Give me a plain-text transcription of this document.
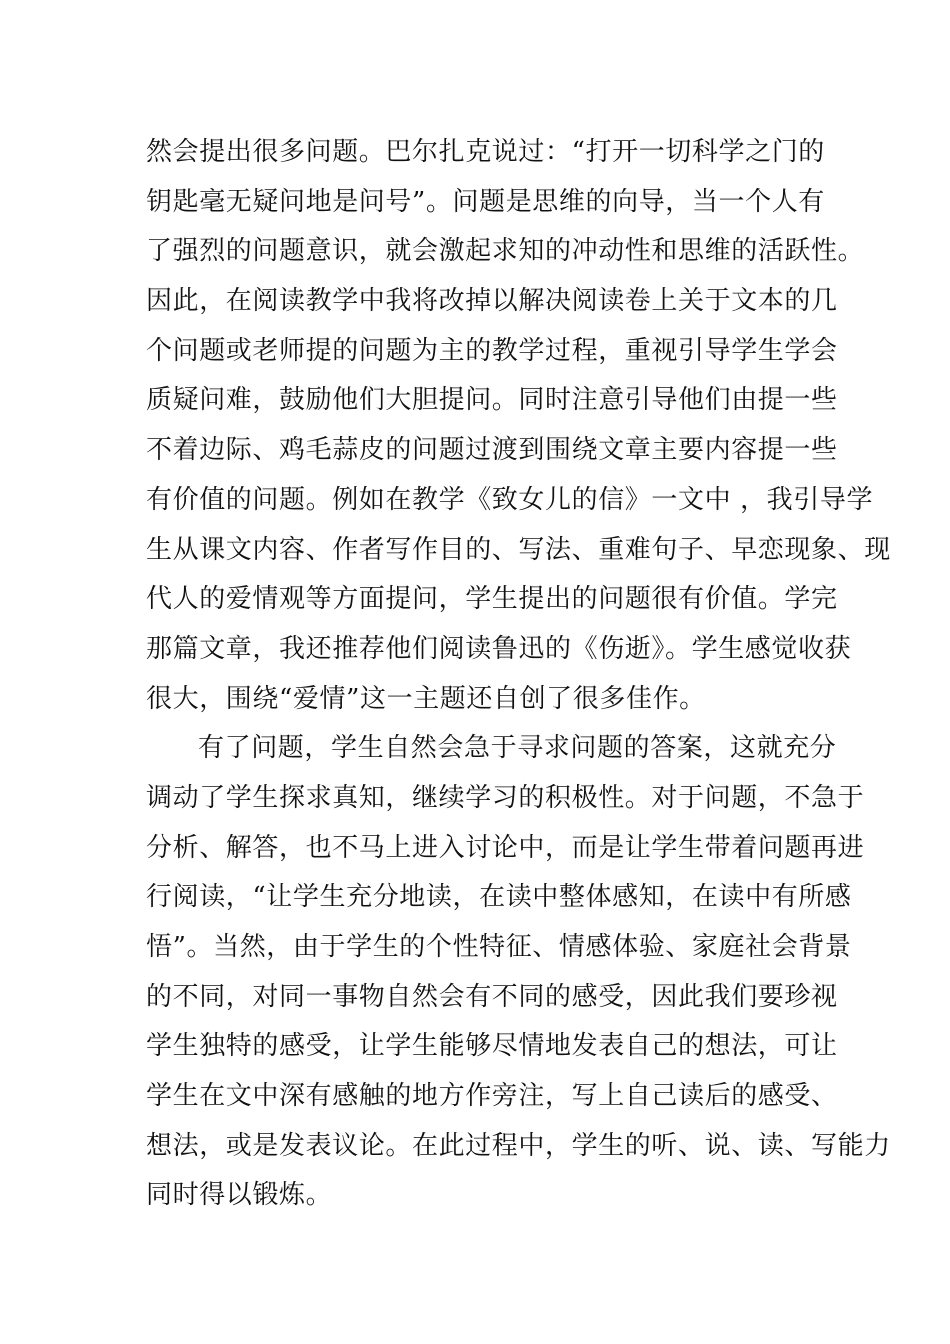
然会提出很多问题。巴尔扎克说过：“打开一切科学之门的
钥匙毫无疑问地是问号”。问题是思维的向导，当一个人有
了强烈的问题意识，就会激起求知的冲动性和思维的活跃性。
因此，在阅读教学中我将改掉以解决阅读卷上关于文本的几
个问题或老师提的问题为主的教学过程，重视引导学生学会
质疑问难，鼓励他们大胆提问。同时注意引导他们由提一些
不着边际、鸡毛蒜皮的问题过渡到围绕文章主要内容提一些
有价值的问题。例如在教学《致女儿的信》一文中 ，我引导学
生从课文内容、作者写作目的、写法、重难句子、早恋现象、现
代人的爱情观等方面提问，学生提出的问题很有价值。学完
那篇文章，我还推荐他们阅读鲁迅的《伤逝》。学生感觉收获
很大，围绕“爱情”这一主题还自创了很多佳作。
有了问题，学生自然会急于寻求问题的答案，这就充分
调动了学生探求真知，继续学习的积极性。对于问题，不急于
分析、解答，也不马上进入讨论中，而是让学生带着问题再进
行阅读，“让学生充分地读，在读中整体感知，在读中有所感
悟”。当然，由于学生的个性特征、情感体验、家庭社会背景
的不同，对同一事物自然会有不同的感受，因此我们要珍视
学生独特的感受，让学生能够尽情地发表自己的想法，可让
学生在文中深有感触的地方作旁注，写上自己读后的感受、
想法，或是发表议论。在此过程中，学生的听、说、读、写能力
同时得以锻炼。
